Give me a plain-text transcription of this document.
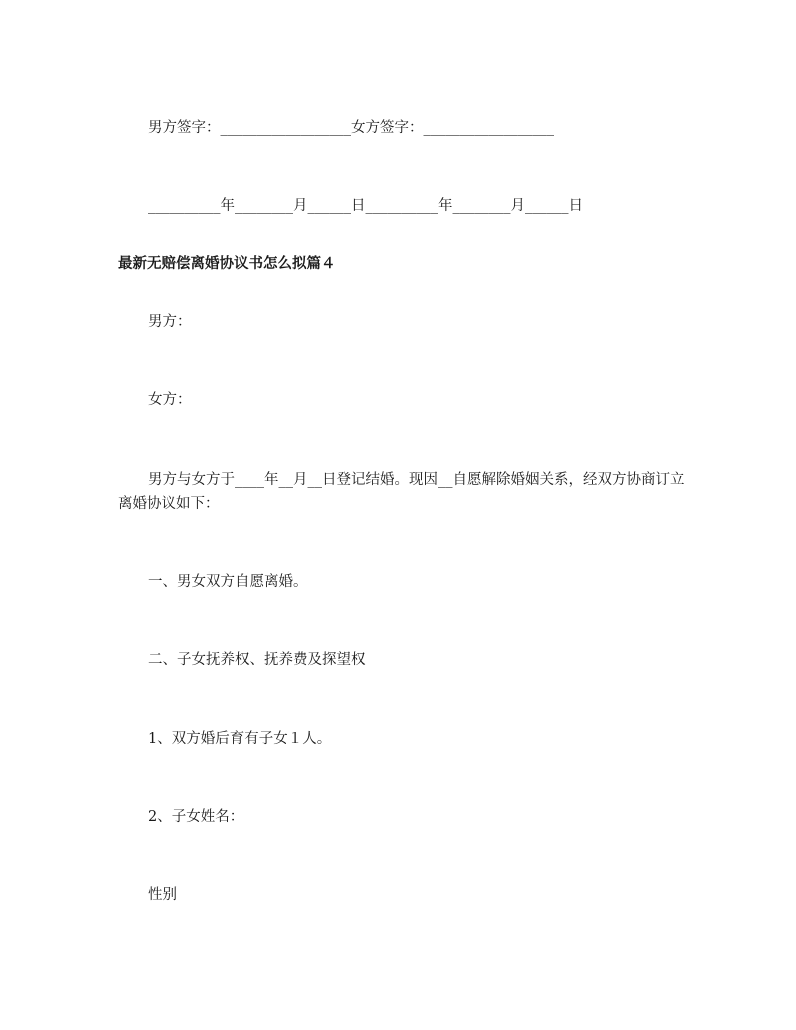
男方签字：__________________女方签字：__________________
__________年________月______日__________年________月______日
最新无赔偿离婚协议书怎么拟篇４
男方：
女方：
男方与女方于____年__月__日登记结婚。现因__自愿解除婚姻关系，经双方协商订立离婚协议如下：
一、男女双方自愿离婚。
二、子女抚养权、抚养费及探望权
1、双方婚后育有子女１人。
2、子女姓名：
性别
